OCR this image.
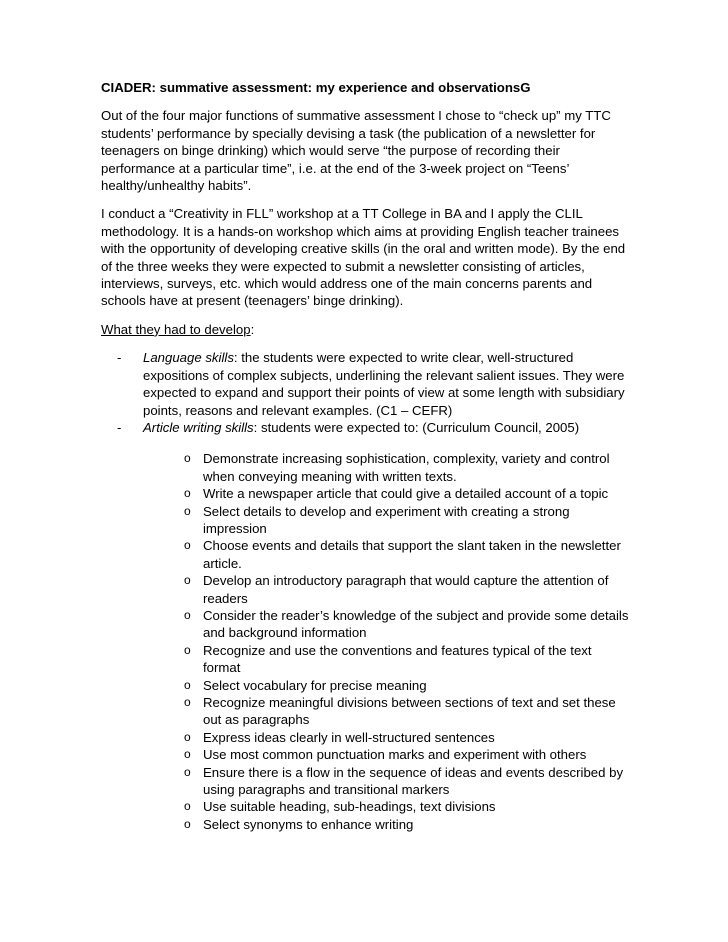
CIADER: summative assessment: my experience and observationsG

Out of the four major functions of summative assessment I chose to “check up” my TTC students’ performance by specially devising a task (the publication of a newsletter for teenagers on binge drinking) which would serve “the purpose of recording their performance at a particular time”, i.e. at the end of the 3-week project on “Teens’ healthy/unhealthy habits”.

I conduct a “Creativity in FLL” workshop at a TT College in BA and I apply the CLIL methodology. It is a hands-on workshop which aims at providing English teacher trainees with the opportunity of developing creative skills (in the oral and written mode). By the end of the three weeks they were expected to submit a newsletter consisting of articles, interviews, surveys, etc. which would address one of the main concerns parents and schools have at present (teenagers’ binge drinking).

What they had to develop:

- Language skills: the students were expected to write clear, well-structured expositions of complex subjects, underlining the relevant salient issues. They were expected to expand and support their points of view at some length with subsidiary points, reasons and relevant examples. (C1 – CEFR)
- Article writing skills: students were expected to: (Curriculum Council, 2005)
o Demonstrate increasing sophistication, complexity, variety and control when conveying meaning with written texts.
o Write a newspaper article that could give a detailed account of a topic
o Select details to develop and experiment with creating a strong impression
o Choose events and details that support the slant taken in the newsletter article.
o Develop an introductory paragraph that would capture the attention of readers
o Consider the reader’s knowledge of the subject and provide some details and background information
o Recognize and use the conventions and features typical of the text format
o Select vocabulary for precise meaning
o Recognize meaningful divisions between sections of text and set these out as paragraphs
o Express ideas clearly in well-structured sentences
o Use most common punctuation marks and experiment with others
o Ensure there is a flow in the sequence of ideas and events described by using paragraphs and transitional markers
o Use suitable heading, sub-headings, text divisions
o Select synonyms to enhance writing
